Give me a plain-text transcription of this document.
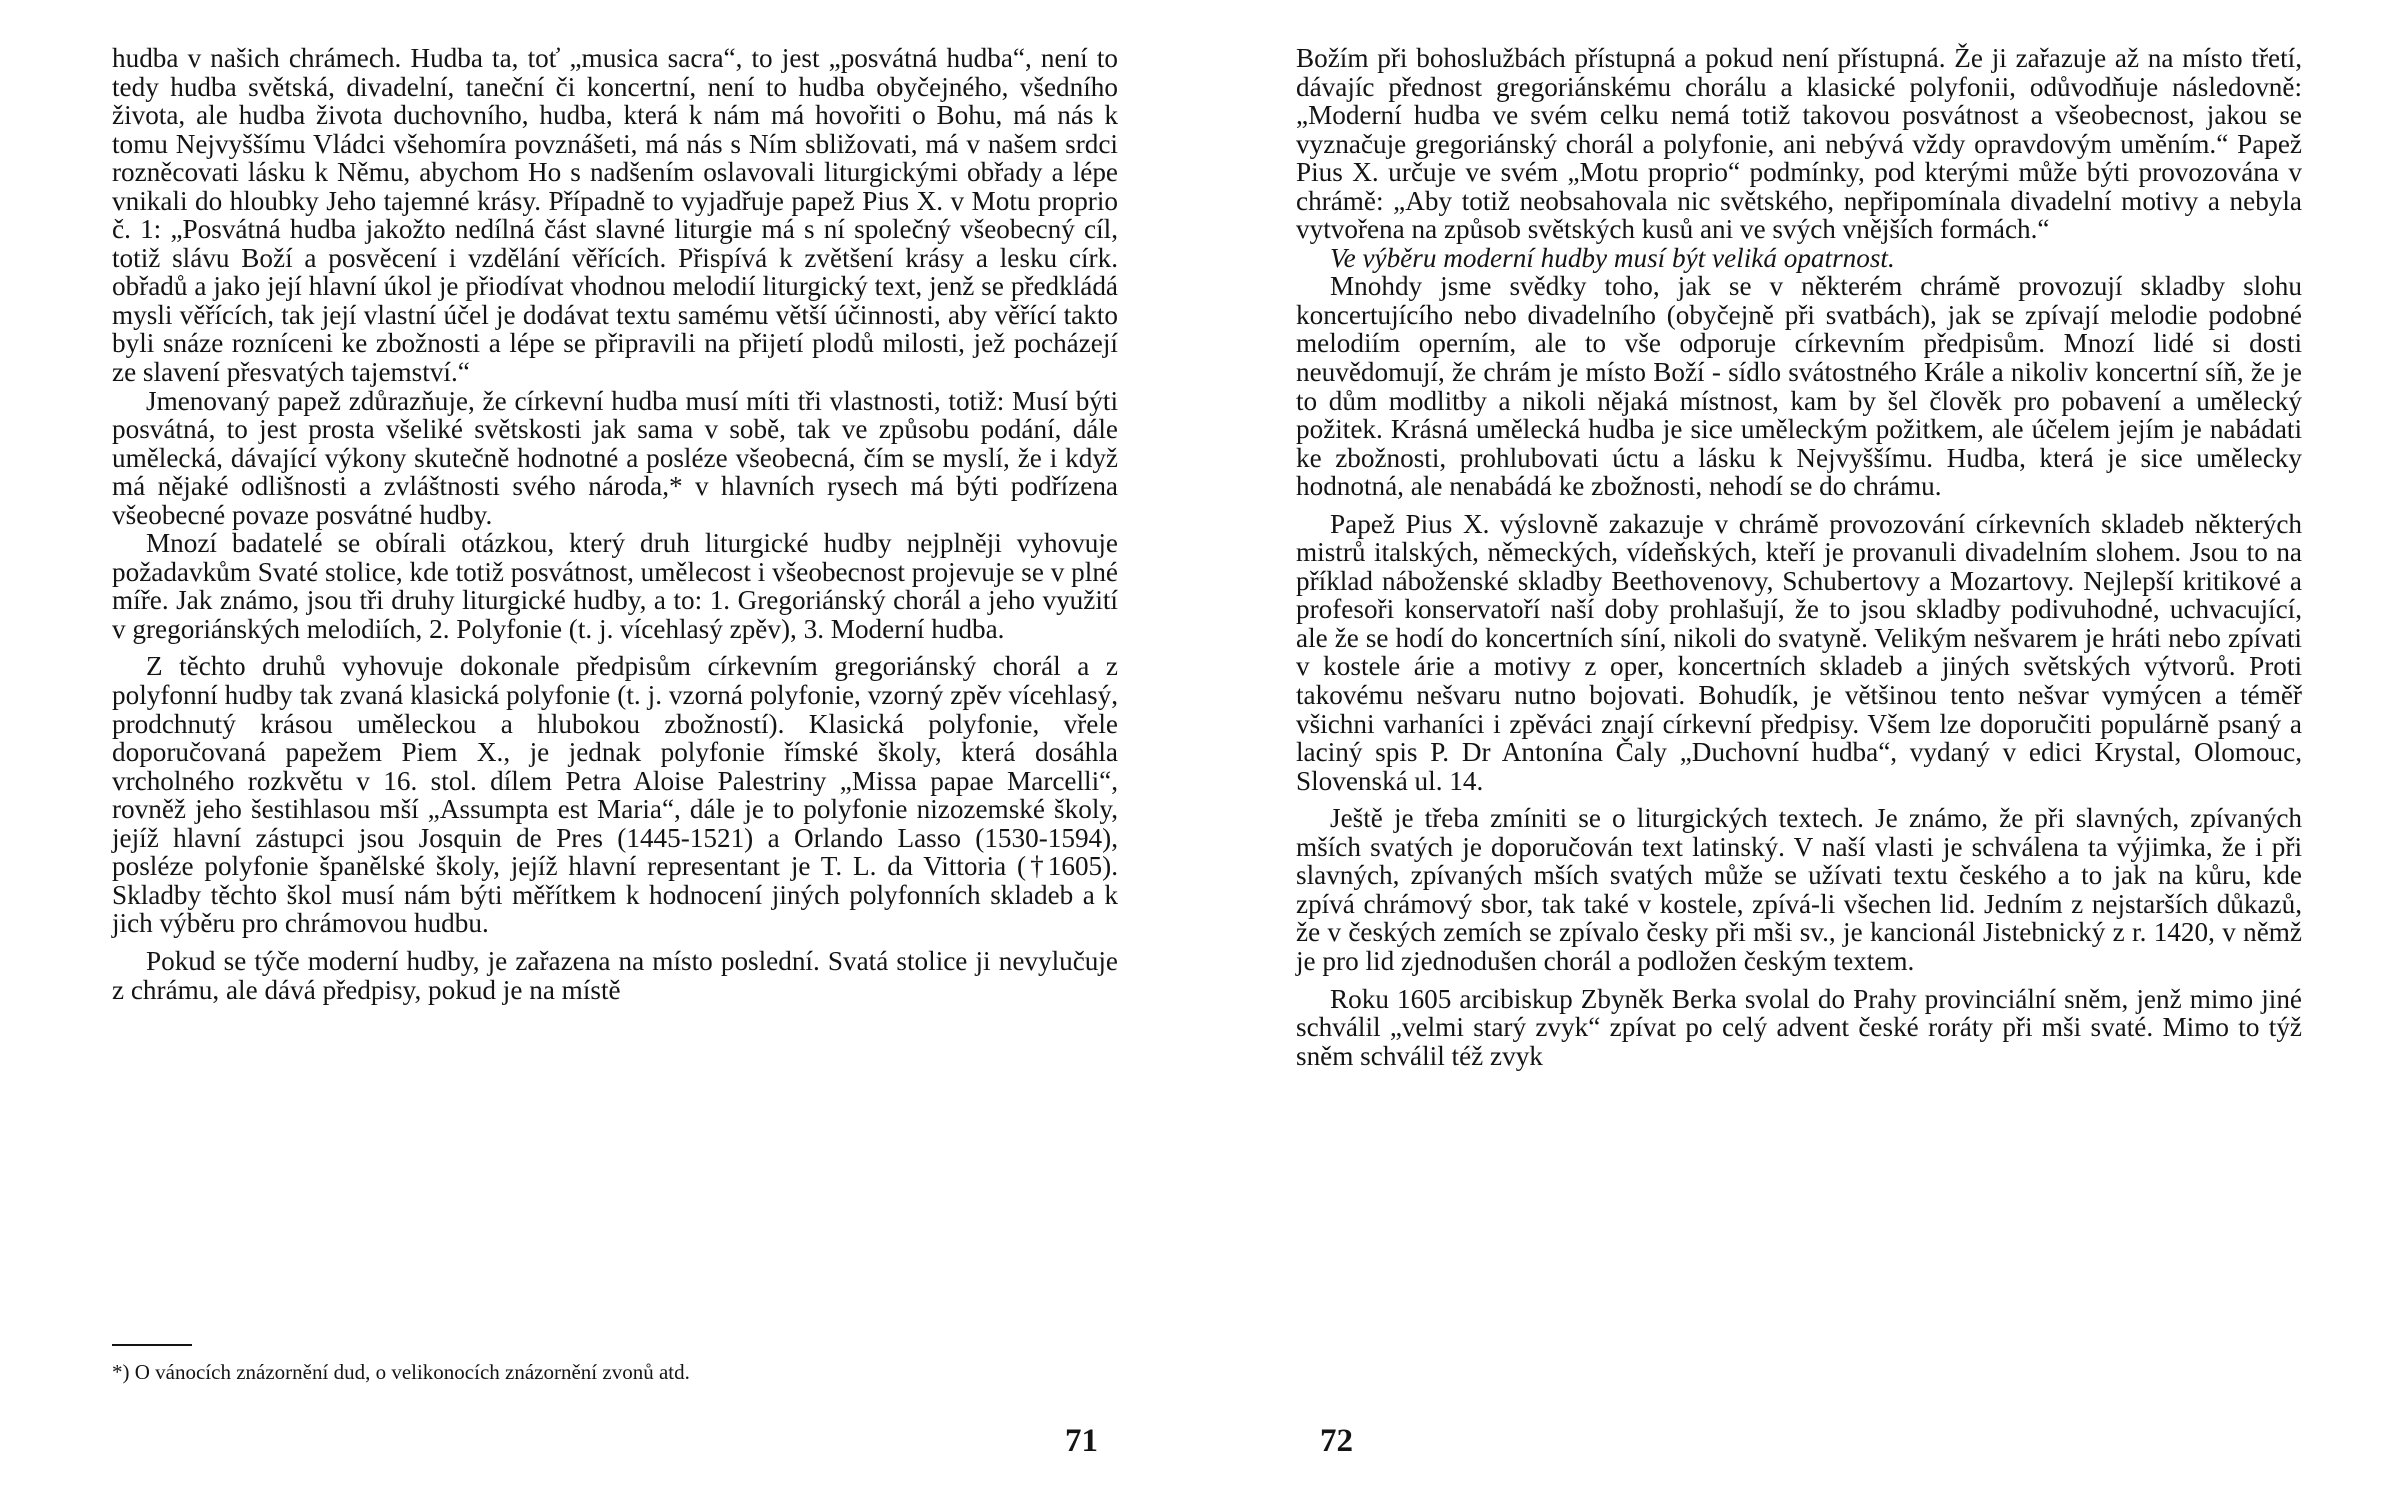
hudba v našich chrámech. Hudba ta, toť „musica sacra“, to jest „posvátná hudba“, není to tedy hudba světská, divadelní, taneční či koncertní, není to hudba obyčejného, všedního života, ale hudba života duchovního, hudba, která k nám má hovořiti o Bohu, má nás k tomu Nejvyššímu Vládci všehomíra povznášeti, má nás s Ním sbližovati, má v našem srdci rozněcovati lásku k Němu, abychom Ho s nadšením oslavovali liturgickými obřady a lépe vnikali do hloubky Jeho tajemné krásy. Případně to vyjadřuje papež Pius X. v Motu proprio č. 1: „Posvátná hudba jakožto nedílná část slavné liturgie má s ní společný všeobecný cíl, totiž slávu Boží a posvěcení i vzdělání věřících. Přispívá k zvětšení krásy a lesku círk. obřadů a jako její hlavní úkol je přiodívat vhodnou melodií liturgický text, jenž se předkládá mysli věřících, tak její vlastní účel je dodávat textu samému větší účinnosti, aby věřící takto byli snáze rozníceni ke zbožnosti a lépe se připravili na přijetí plodů milosti, jež pocházejí ze slavení přesvatých tajemství.“

Jmenovaný papež zdůrazňuje, že církevní hudba musí míti tři vlastnosti, totiž: Musí býti posvátná, to jest prosta všeliké světskosti jak sama v sobě, tak ve způsobu podání, dále umělecká, dávající výkony skutečně hodnotné a posléze všeobecná, čím se myslí, že i když má nějaké odlišnosti a zvláštnosti svého národa,* v hlavních rysech má býti podřízena všeobecné povaze posvátné hudby.

Mnozí badatelé se obírali otázkou, který druh liturgické hudby nejplněji vyhovuje požadavkům Svaté stolice, kde totiž posvátnost, umělecost i všeobecnost projevuje se v plné míře. Jak známo, jsou tři druhy liturgické hudby, a to: 1. Gregoriánský chorál a jeho využití v gregoriánských melodiích, 2. Polyfonie (t. j. vícehlasý zpěv), 3. Moderní hudba.

Z těchto druhů vyhovuje dokonale předpisům církevním gregoriánský chorál a z polyfonní hudby tak zvaná klasická polyfonie (t. j. vzorná polyfonie, vzorný zpěv vícehlasý, prodchnutý krásou uměleckou a hlubokou zbožností). Klasická polyfonie, vřele doporučovaná papežem Piem X., je jednak polyfonie římské školy, která dosáhla vrcholného rozkvětu v 16. stol. dílem Petra Aloise Palestriny „Missa papae Marcelli“, rovněž jeho šestihlasou mší „Assumpta est Maria“, dále je to polyfonie nizozemské školy, jejíž hlavní zástupci jsou Josquin de Pres (1445-1521) a Orlando Lasso (1530-1594), posléze polyfonie španělské školy, jejíž hlavní representant je T. L. da Vittoria (†1605). Skladby těchto škol musí nám býti měřítkem k hodnocení jiných polyfonních skladeb a k jich výběru pro chrámovou hudbu.

Pokud se týče moderní hudby, je zařazena na místo poslední. Svatá stolice ji nevylučuje z chrámu, ale dává předpisy, pokud je na místě

*) O vánocích znázornění dud, o velikonocích znázornění zvonů atd.
71

Božím při bohoslužbách přístupná a pokud není přístupná. Že ji zařazuje až na místo třetí, dávajíc přednost gregoriánskému chorálu a klasické polyfonii, odůvodňuje následovně: „Moderní hudba ve svém celku nemá totiž takovou posvátnost a všeobecnost, jakou se vyznačuje gregoriánský chorál a polyfonie, ani nebývá vždy opravdovým uměním.“ Papež Pius X. určuje ve svém „Motu proprio“ podmínky, pod kterými může býti provozována v chrámě: „Aby totiž neobsahovala nic světského, nepřipomínala divadelní motivy a nebyla vytvořena na způsob světských kusů ani ve svých vnějších formách.“

Ve výběru moderní hudby musí být veliká opatrnost.

Mnohdy jsme svědky toho, jak se v některém chrámě provozují skladby slohu koncertujícího nebo divadelního (obyčejně při svatbách), jak se zpívají melodie podobné melodiím operním, ale to vše odporuje církevním předpisům. Mnozí lidé si dosti neuvědomují, že chrám je místo Boží - sídlo svátostného Krále a nikoliv koncertní síň, že je to dům modlitby a nikoli nějaká místnost, kam by šel člověk pro pobavení a umělecký požitek. Krásná umělecká hudba je sice uměleckým požitkem, ale účelem jejím je nabádati ke zbožnosti, prohlubovati úctu a lásku k Nejvyššímu. Hudba, která je sice umělecky hodnotná, ale nenabádá ke zbožnosti, nehodí se do chrámu.

Papež Pius X. výslovně zakazuje v chrámě provozování církevních skladeb některých mistrů italských, německých, vídeňských, kteří je provanuli divadelním slohem. Jsou to na příklad náboženské skladby Beethovenovy, Schubertovy a Mozartovy. Nejlepší kritikové a profesoři konservatoří naší doby prohlašují, že to jsou skladby podivuhodné, uchvacující, ale že se hodí do koncertních síní, nikoli do svatyně. Velikým nešvarem je hráti nebo zpívati v kostele árie a motivy z oper, koncertních skladeb a jiných světských výtvorů. Proti takovému nešvaru nutno bojovati. Bohudík, je většinou tento nešvar vymýcen a téměř všichni varhaníci i zpěváci znají církevní předpisy. Všem lze doporučiti populárně psaný a laciný spis P. Dr Antonína Čaly „Duchovní hudba“, vydaný v edici Krystal, Olomouc, Slovenská ul. 14.

Ještě je třeba zmíniti se o liturgických textech. Je známo, že při slavných, zpívaných mších svatých je doporučován text latinský. V naší vlasti je schválena ta výjimka, že i při slavných, zpívaných mších svatých může se užívati textu českého a to jak na kůru, kde zpívá chrámový sbor, tak také v kostele, zpívá-li všechen lid. Jedním z nejstarších důkazů, že v českých zemích se zpívalo česky při mši sv., je kancionál Jistebnický z r. 1420, v němž je pro lid zjednodušen chorál a podložen českým textem.

Roku 1605 arcibiskup Zbyněk Berka svolal do Prahy provinciální sněm, jenž mimo jiné schválil „velmi starý zvyk“ zpívat po celý advent české roráty při mši svaté. Mimo to týž sněm schválil též zvyk

72
